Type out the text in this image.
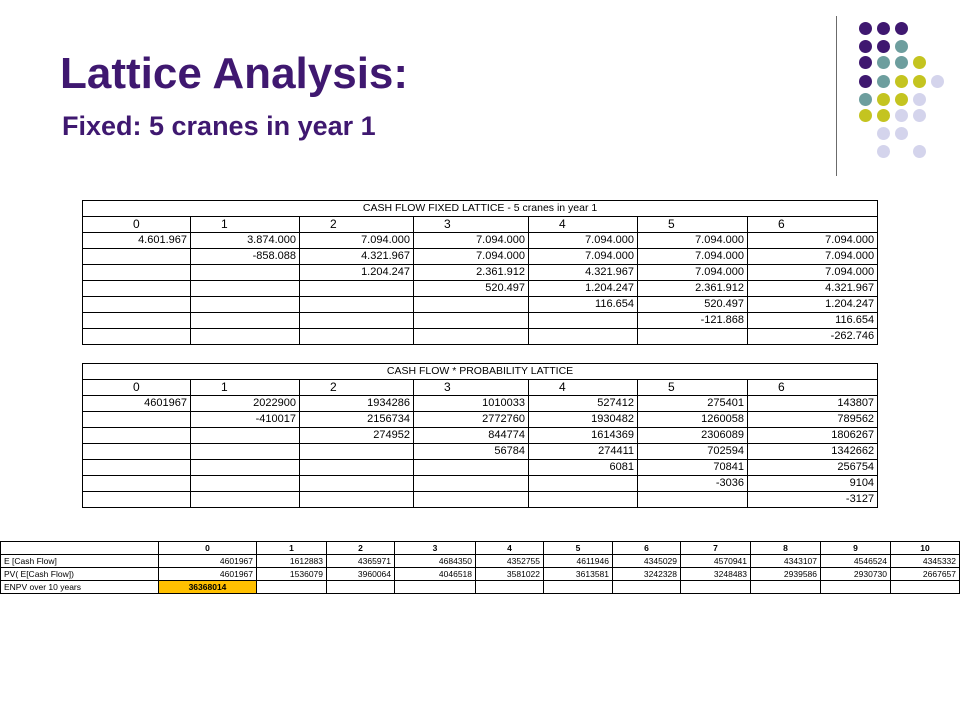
Lattice Analysis:
Fixed: 5 cranes in year 1
CASH FLOW FIXED LATTICE - 5 cranes in year 1						
0	1	2	3	4	5	6
4.601.967	3.874.000	7.094.000	7.094.000	7.094.000	7.094.000	7.094.000
	-858.088	4.321.967	7.094.000	7.094.000	7.094.000	7.094.000
		1.204.247	2.361.912	4.321.967	7.094.000	7.094.000
			520.497	1.204.247	2.361.912	4.321.967
				116.654	520.497	1.204.247
					-121.868	116.654
						-262.746
CASH FLOW * PROBABILITY LATTICE						
0	1	2	3	4	5	6
4601967	2022900	1934286	1010033	527412	275401	143807
	-410017	2156734	2772760	1930482	1260058	789562
		274952	844774	1614369	2306089	1806267
			56784	274411	702594	1342662
				6081	70841	256754
					-3036	9104
						-3127
	0	1	2	3	4	5	6	7	8	9	10
E [Cash Flow]	4601967	1612883	4365971	4684350	4352755	4611946	4345029	4570941	4343107	4546524	4345332
PV( E[Cash Flow])	4601967	1536079	3960064	4046518	3581022	3613581	3242328	3248483	2939586	2930730	2667657
ENPV over 10 years	36368014										
